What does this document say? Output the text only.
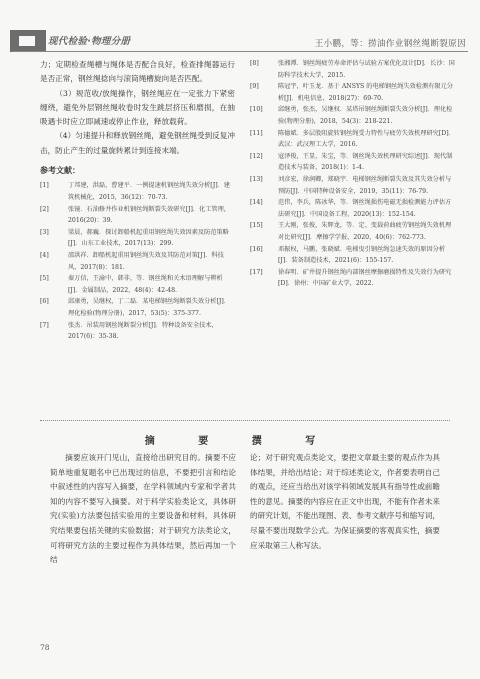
现代检验·物理分册	王小鹏，等：捞油作业钢丝绳断裂原因

力；定期检查绳槽与绳体是否配合良好，检查排绳器运行是否正常，钢丝绳捻向与滚筒绳槽旋向是否匹配。

（3）规范收/放绳操作，钢丝绳应在一定张力下紧密缠绕，避免外层钢丝绳收卷时发生跳层挤压和磨损，在抽吸遇卡时应立即减速或停止作业，释放载荷。

（4）匀速提升和释放钢丝绳，避免钢丝绳受到反复冲击，防止产生的过量旋转累计到连接末端。

参考文献：
[1]	丁邦建，洪磊，曹建平．一例提速机钢丝绳失效分析[J]．建筑机械化，2015，36(12)：70-73.
[2]	张镜．石油修井作业机钢丝绳断裂失效研究[J]．化工管理，2016(20)：39.
[3]	梁晨，郝巍．探讨卸船机起重用钢丝绳失效因素及防范策略[J]．山东工业技术，2017(13)：299.
[4]	邵洪祥．卸船机起重用钢丝绳失效及其防范对策[J]．科技风，2017(8)：181.
[5]	秦万信，王渝中，韩非，等．钢丝绳和关术语理解与辨析[J]．金属制品，2022，48(4)：42-48.
[6]	邱康勇，吴继权，丁二磊．某电梯钢丝绳断裂失效分析[J]．理化检验(物理分册)，2017，53(5)：375-377.
[7]	张杰．吊装用钢丝绳断裂分析[J]．特种设备安全技术，2017(6)：35-38.
[8]	张湘潭．钢丝绳疲劳寿命评估与试验方案优化设计[D]．长沙：国防科学技术大学，2015.
[9]	陈冠宇，叶玉龙．基于 ANSYS 的电梯钢丝绳失效检测有限元分析[J]．机电信息，2018(27)：69-70.
[10]	邱继勇，张杰，吴继权．某塔吊钢丝绳断裂失效分析[J]．理化检验(物理分册)，2018，54(3)：218-221.
[11]	陈德斌．多层股阻旋转钢丝绳受力特性与疲劳失效机理研究[D]．武汉：武汉理工大学，2016.
[12]	寇泽俊，王显，朱宝，等．钢丝绳失效机理研究综述[J]．现代制造技术与装备，2018(1)：1-4.
[13]	刘彦宏，徐润卿，郑晓宇．电梯钢丝绳断裂失效及其失效分析与预防[J]．中国特种设备安全，2019，35(11)：76-79.
[14]	范伟，李兵，陈冰华，等．钢丝绳损伤电磁无损检测能力评估方法研究[J]．中国设备工程，2020(13)：152-154.
[15]	王大刚，张俊，朱辉龙，等．定、变载荷曲疲劳钢丝绳失效机理对比研究[J]．摩擦学学报，2020，40(6)：762-773.
[16]	邓振权，马鹏，张晓斌．电梯曳引钢丝绳急速失效的原因分析[J]．装备制造技术，2021(6)：155-157.
[17]	徐春明．矿井提升钢丝绳内部钢丝摩擦磨损特性及失效行为研究[D]．徐州：中国矿业大学，2022.
摘 要 撰 写

摘要应该开门见山，直接给出研究目的。摘要不应简单地重复题名中已出现过的信息，不要把引言和结论中叙述性的内容写入摘要，在学科领域内专家和学者共知的内容不要写入摘要。对于科学实验类论文，具体研究(实验)方法要包括实验用的主要设备和材料，具体研究结果要包括关键的实验数据；对于研究方法类论文，可将研究方法的主要过程作为具体结果，然后再加一个结

论；对于研究观点类论文，要把文章最主要的观点作为具体结果，并给出结论；对于综述类论文，作者要表明自己的观点，还应当给出对该学科领域发展具有指导性或前瞻性的意见。摘要的内容应在正文中出现，不能有作者未来的研究计划，不能出现图、表、参考文献序号和缩写词，尽量不要出现数学公式。为保证摘要的客观真实性，摘要应采取第三人称写法。

78
